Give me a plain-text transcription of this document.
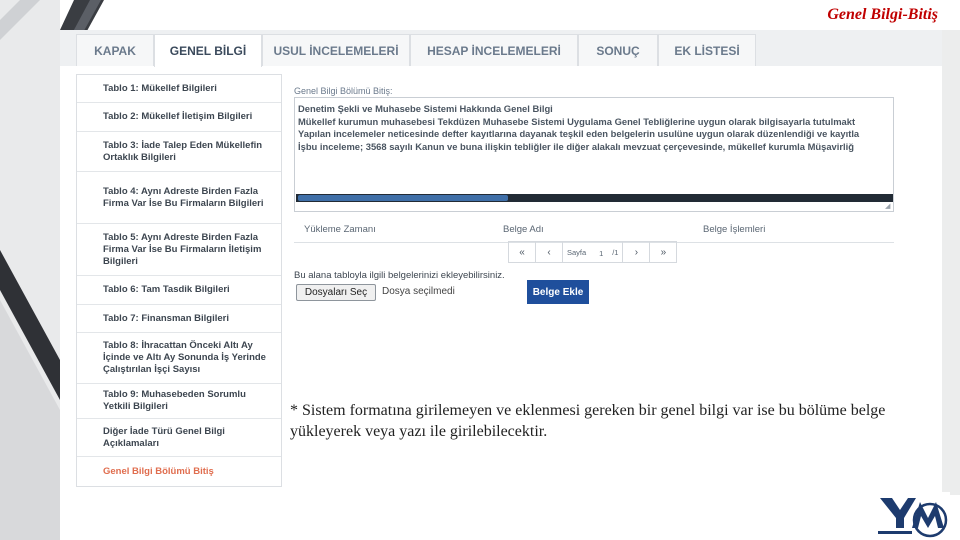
Genel Bilgi-Bitiş
KAPAK	GENEL BİLGİ	USUL İNCELEMELERİ	HESAP İNCELEMELERİ	SONUÇ	EK LİSTESİ
Tablo 1: Mükellef Bilgileri
Tablo 2: Mükellef İletişim Bilgileri
Tablo 3: İade Talep Eden Mükellefin Ortaklık Bilgileri
Tablo 4: Aynı Adreste Birden Fazla Firma Var İse Bu Firmaların Bilgileri
Tablo 5: Aynı Adreste Birden Fazla Firma Var İse Bu Firmaların İletişim Bilgileri
Tablo 6: Tam Tasdik Bilgileri
Tablo 7: Finansman Bilgileri
Tablo 8: İhracattan Önceki Altı Ay İçinde ve Altı Ay Sonunda İş Yerinde Çalıştırılan İşçi Sayısı
Tablo 9: Muhasebeden Sorumlu Yetkili Bilgileri
Diğer İade Türü Genel Bilgi Açıklamaları
Genel Bilgi Bölümü Bitiş
Genel Bilgi Bölümü Bitiş:
Denetim Şekli ve Muhasebe Sistemi Hakkında Genel Bilgi
Mükellef kurumun muhasebesi Tekdüzen Muhasebe Sistemi Uygulama Genel Tebliğlerine uygun olarak bilgisayarla tutulmakt
Yapılan incelemeler neticesinde defter kayıtlarına dayanak teşkil eden belgelerin usulüne uygun olarak düzenlendiği ve kayıtla
İşbu inceleme; 3568 sayılı Kanun ve buna ilişkin tebliğler ile diğer alakalı mevzuat çerçevesinde, mükellef kurumla Müşavirliğ
◢
Yükleme Zamanı	Belge Adı	Belge İşlemleri
«	‹	Sayfa
1	/1	›	»
Bu alana tabloyla ilgili belgelerinizi ekleyebilirsiniz.
Dosyaları Seç	Dosya seçilmedi	Belge Ekle
* Sistem formatına girilemeyen ve eklenmesi gereken bir genel bilgi var ise bu bölüme belge yükleyerek veya yazı ile girilebilecektir.
